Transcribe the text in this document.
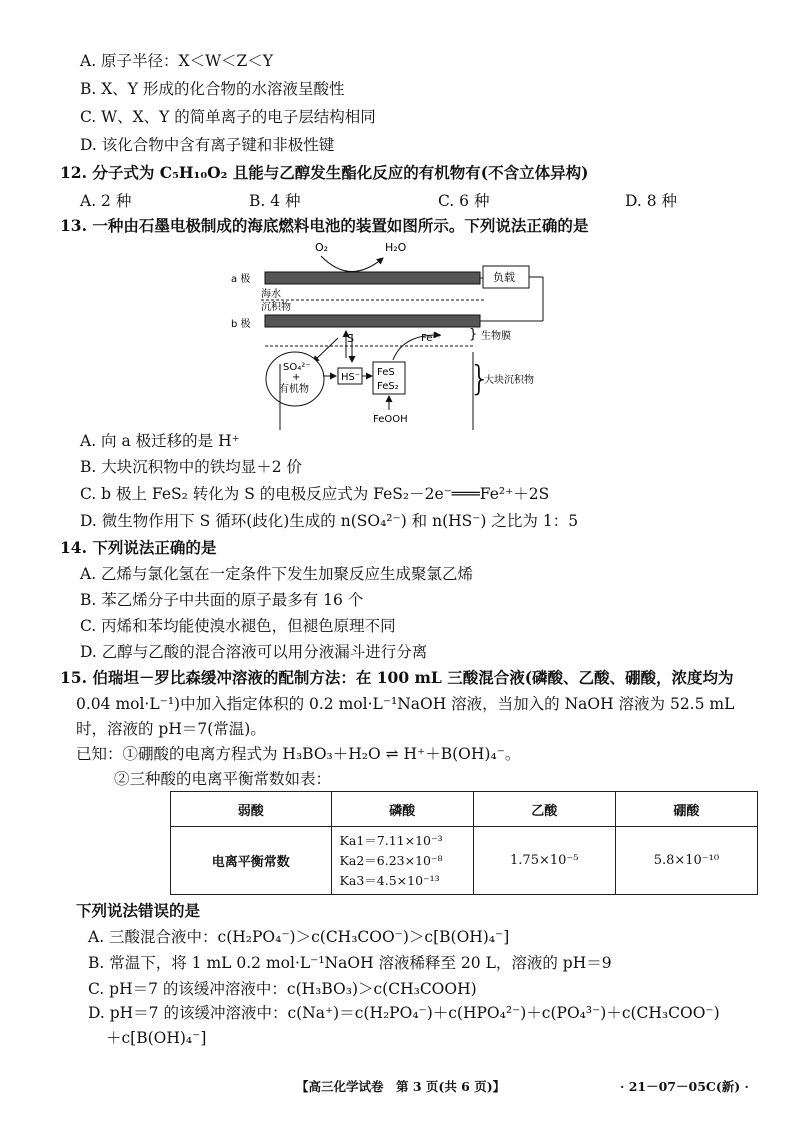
A. 原子半径：X＜W＜Z＜Y
B. X、Y 形成的化合物的水溶液呈酸性
C. W、X、Y 的简单离子的电子层结构相同
D. 该化合物中含有离子键和非极性键
12. 分子式为 C₅H₁₀O₂ 且能与乙醇发生酯化反应的有机物有(不含立体异构)
A. 2 种	B. 4 种	C. 6 种	D. 8 种
13. 一种由石墨电极制成的海底燃料电池的装置如图所示。下列说法正确的是
O₂	H₂O
a 极	负载
海水
沉积物
b 极
} 生物膜
S	Fe²⁺
SO₄²⁻
+
有机物
HS⁻ FeS
FeS₂
FeOOH
}
大块沉积物
A. 向 a 极迁移的是 H⁺
B. 大块沉积物中的铁均显＋2 价
C. b 极上 FeS₂ 转化为 S 的电极反应式为 FeS₂－2e⁻═══Fe²⁺＋2S
D. 微生物作用下 S 循环(歧化)生成的 n(SO₄²⁻) 和 n(HS⁻) 之比为 1：5
14. 下列说法正确的是
A. 乙烯与氯化氢在一定条件下发生加聚反应生成聚氯乙烯
B. 苯乙烯分子中共面的原子最多有 16 个
C. 丙烯和苯均能使溴水褪色，但褪色原理不同
D. 乙醇与乙酸的混合溶液可以用分液漏斗进行分离
15. 伯瑞坦－罗比森缓冲溶液的配制方法：在 100 mL 三酸混合液(磷酸、乙酸、硼酸，浓度均为
0.04 mol·L⁻¹)中加入指定体积的 0.2 mol·L⁻¹NaOH 溶液，当加入的 NaOH 溶液为 52.5 mL
时，溶液的 pH＝7(常温)。
已知：①硼酸的电离方程式为 H₃BO₃＋H₂O ⇌ H⁺＋B(OH)₄⁻。
②三种酸的电离平衡常数如表：
弱酸	磷酸	乙酸	硼酸
电离平衡常数	Ka1＝7.11×10⁻³
Ka2＝6.23×10⁻⁸
Ka3＝4.5×10⁻¹³	1.75×10⁻⁵	5.8×10⁻¹⁰
下列说法错误的是
A. 三酸混合液中：c(H₂PO₄⁻)＞c(CH₃COO⁻)＞c[B(OH)₄⁻]
B. 常温下，将 1 mL 0.2 mol·L⁻¹NaOH 溶液稀释至 20 L，溶液的 pH＝9
C. pH＝7 的该缓冲溶液中：c(H₃BO₃)＞c(CH₃COOH)
D. pH＝7 的该缓冲溶液中：c(Na⁺)＝c(H₂PO₄⁻)＋c(HPO₄²⁻)＋c(PO₄³⁻)＋c(CH₃COO⁻)
＋c[B(OH)₄⁻]
【高三化学试卷　第 3 页(共 6 页)】	· 21－07－05C(新) ·
